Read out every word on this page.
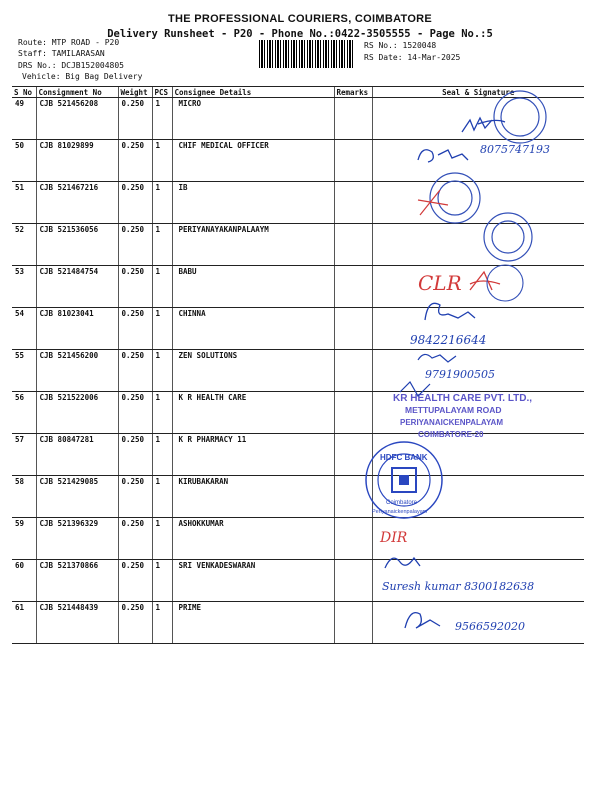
THE PROFESSIONAL COURIERS, COIMBATORE
Delivery Runsheet - P20 - Phone No.:0422-3505555 - Page No.:5
Route: MTP ROAD - P20
Staff: TAMILARASAN
DRS No.: DCJB152004805
Vehicle: Big Bag Delivery
RS No.: 1520048
RS Date: 14-Mar-2025
S No	Consignment No	Weight	PCS	Consignee Details	Remarks	Seal & Signature
49	CJB 521456208	0.250	1	MICRO		
50	CJB 81029899	0.250	1	CHIF MEDICAL OFFICER		
51	CJB 521467216	0.250	1	IB		
52	CJB 521536056	0.250	1	PERIYANAYAKANPALAAYM		
53	CJB 521484754	0.250	1	BABU		
54	CJB 81023041	0.250	1	CHINNA		
55	CJB 521456200	0.250	1	ZEN SOLUTIONS		
56	CJB 521522006	0.250	1	K R HEALTH CARE		
57	CJB 80847281	0.250	1	K R PHARMACY 11		
58	CJB 521429085	0.250	1	KIRUBAKARAN		
59	CJB 521396329	0.250	1	ASHOKKUMAR		
60	CJB 521370866	0.250	1	SRI VENKADESWARAN		
61	CJB 521448439	0.250	1	PRIME		
8075747193
CLR
9842216644
9791900505
KR HEALTH CARE PVT. LTD.,
METTUPALAYAM ROAD
PERIYANAICKENPALAYAM
COIMBATORE-20
HDFC BANK
Coimbatore
Periyanaickenpalayam
DIR
Suresh kumar 8300182638
9566592020
